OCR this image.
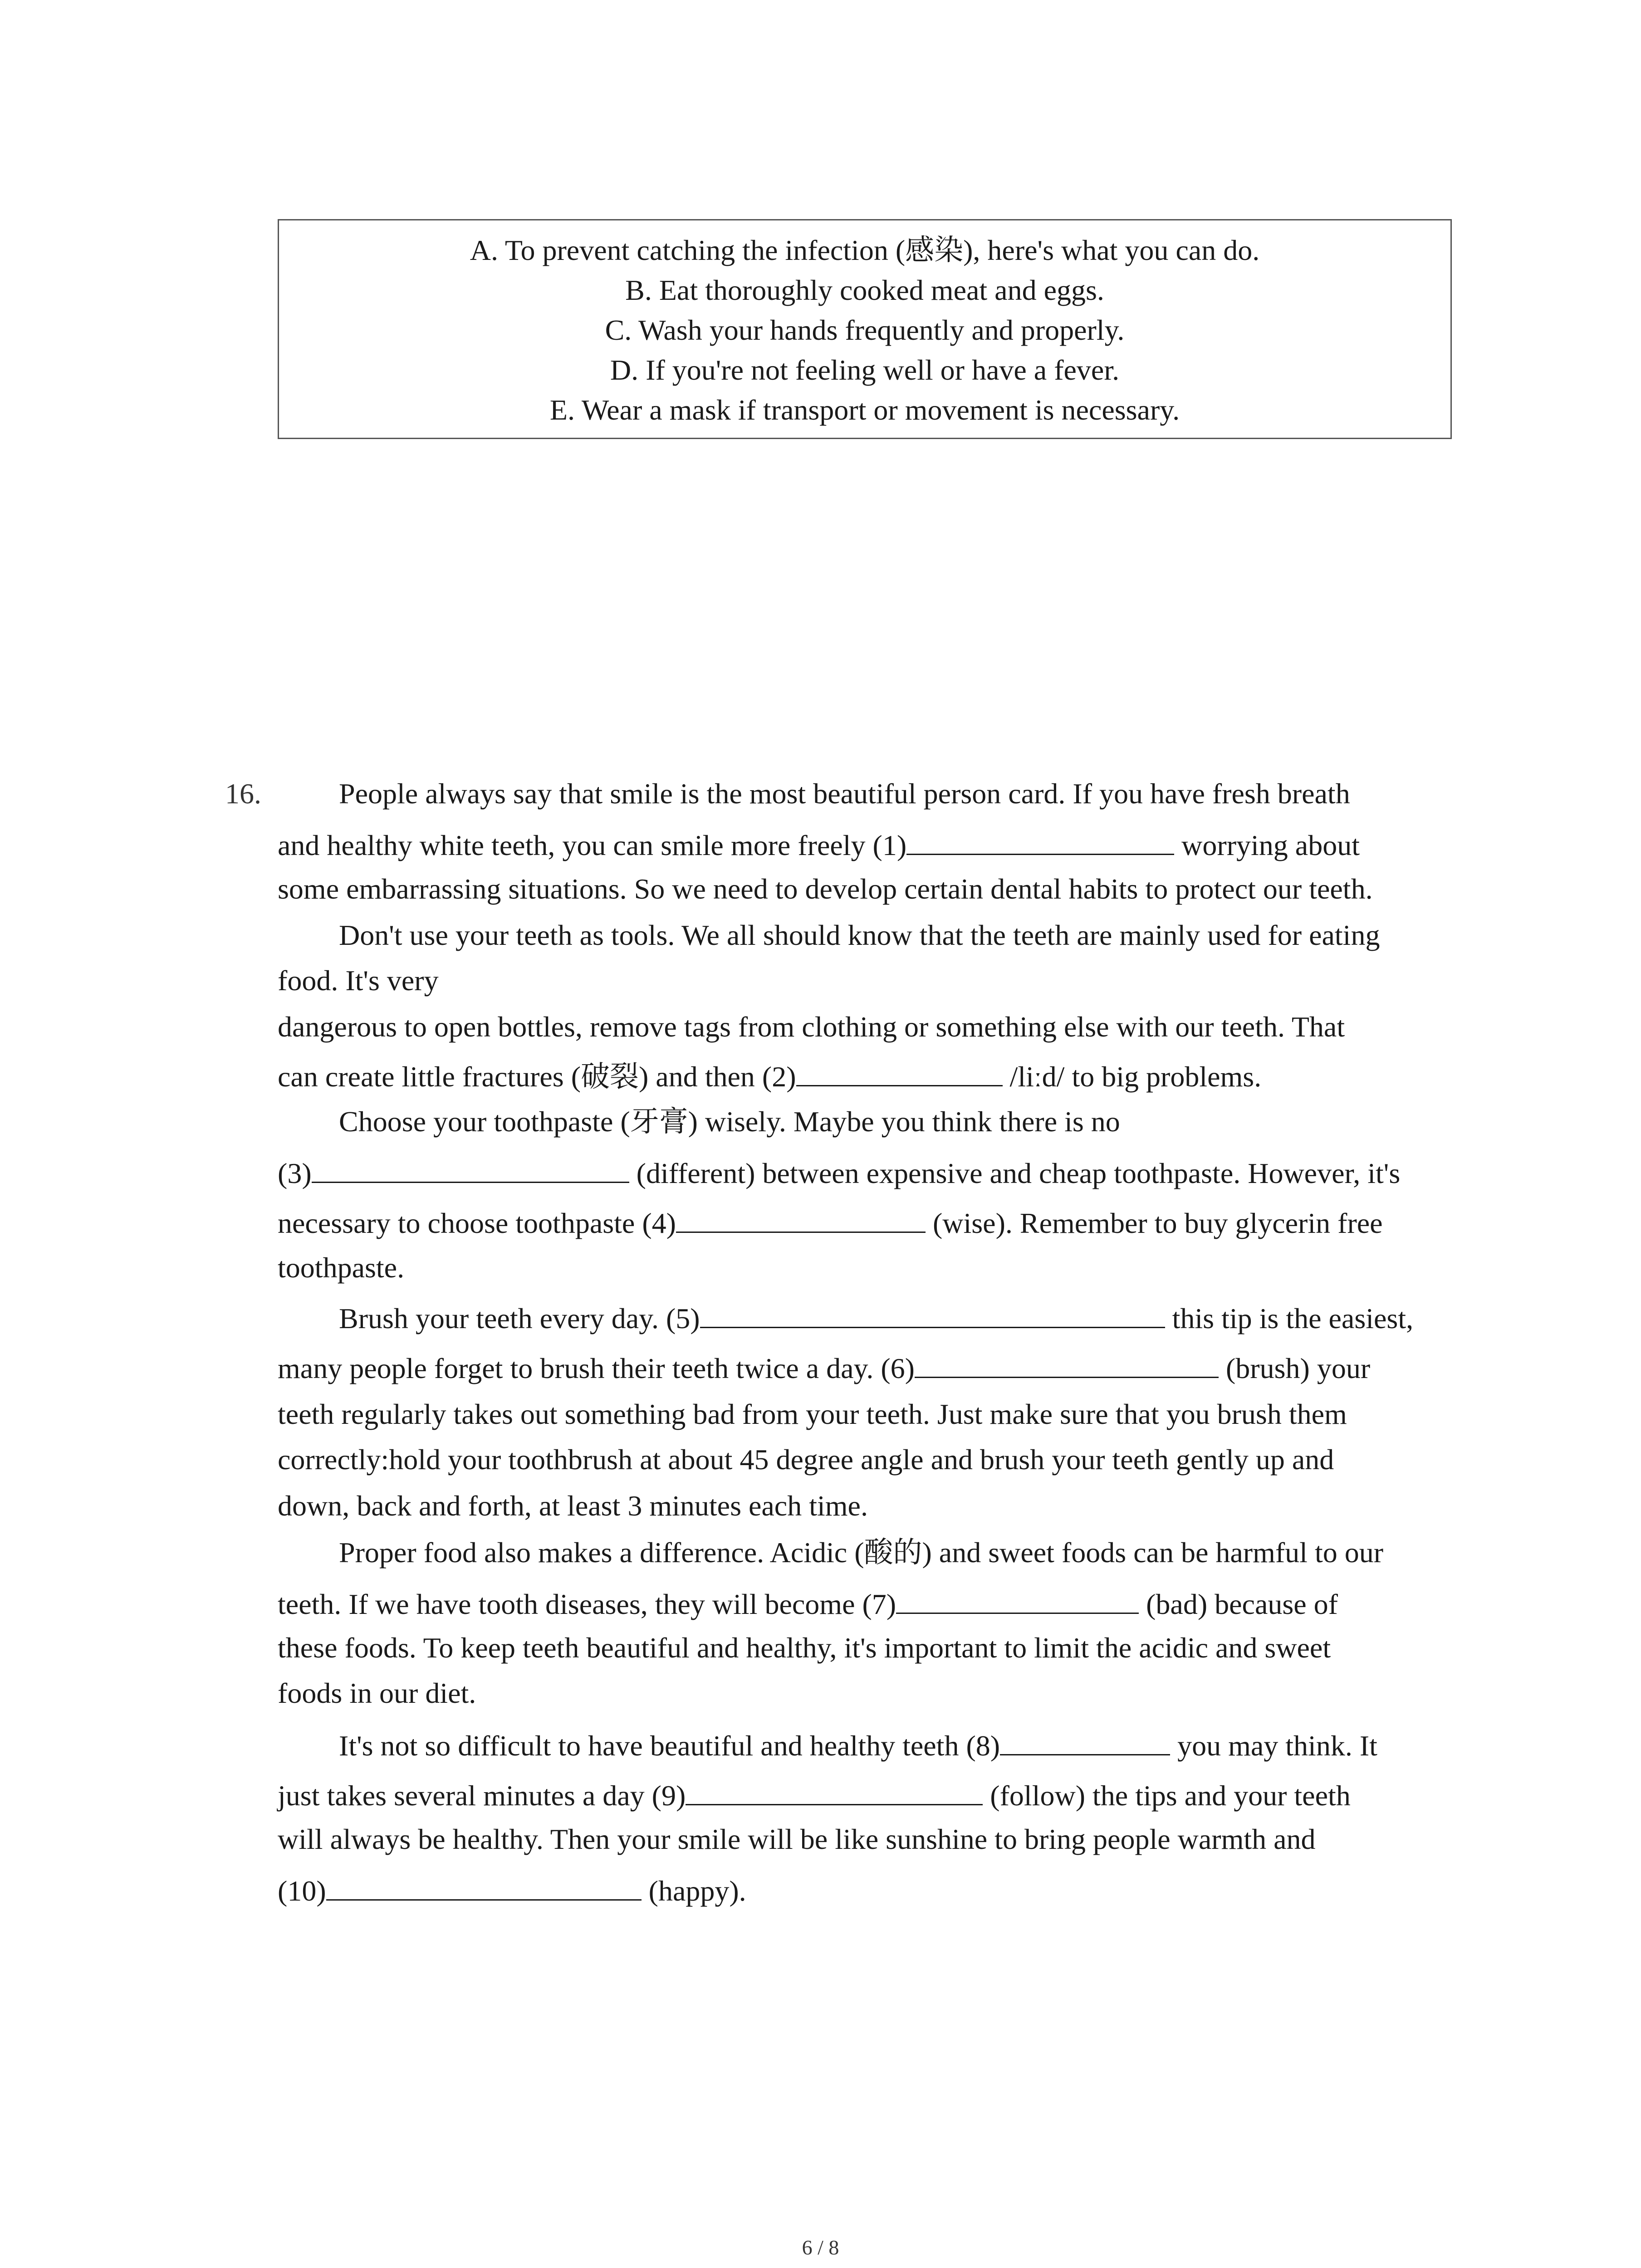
A. To prevent catching the infection (感染), here's what you can do.
B. Eat thoroughly cooked meat and eggs.
C. Wash your hands frequently and properly.
D. If you're not feeling well or have a fever.
E. Wear a mask if transport or movement is necessary.
16.	People always say that smile is the most beautiful person card. If you have fresh breath
and healthy white teeth, you can smile more freely (1)	worrying about
some embarrassing situations. So we need to develop certain dental habits to protect our teeth.
Don't use your teeth as tools. We all should know that the teeth are mainly used for eating
food. It's very
dangerous to open bottles, remove tags from clothing or something else with our teeth. That
can create little fractures (破裂) and then (2)	/liːd/ to big problems.
Choose your toothpaste (牙膏) wisely. Maybe you think there is no
(3)	(different) between expensive and cheap toothpaste. However, it's
necessary to choose toothpaste (4)	(wise). Remember to buy glycerin free
toothpaste.
Brush your teeth every day. (5)	this tip is the easiest,
many people forget to brush their teeth twice a day. (6)	(brush) your
teeth regularly takes out something bad from your teeth. Just make sure that you brush them
correctly:hold your toothbrush at about 45 degree angle and brush your teeth gently up and
down, back and forth, at least 3 minutes each time.
Proper food also makes a difference. Acidic (酸的) and sweet foods can be harmful to our
teeth. If we have tooth diseases, they will become (7)	(bad) because of
these foods. To keep teeth beautiful and healthy, it's important to limit the acidic and sweet
foods in our diet.
It's not so difficult to have beautiful and healthy teeth (8)	you may think. It
just takes several minutes a day (9)	(follow) the tips and your teeth
will always be healthy. Then your smile will be like sunshine to bring people warmth and
(10)	(happy).
6 / 8
